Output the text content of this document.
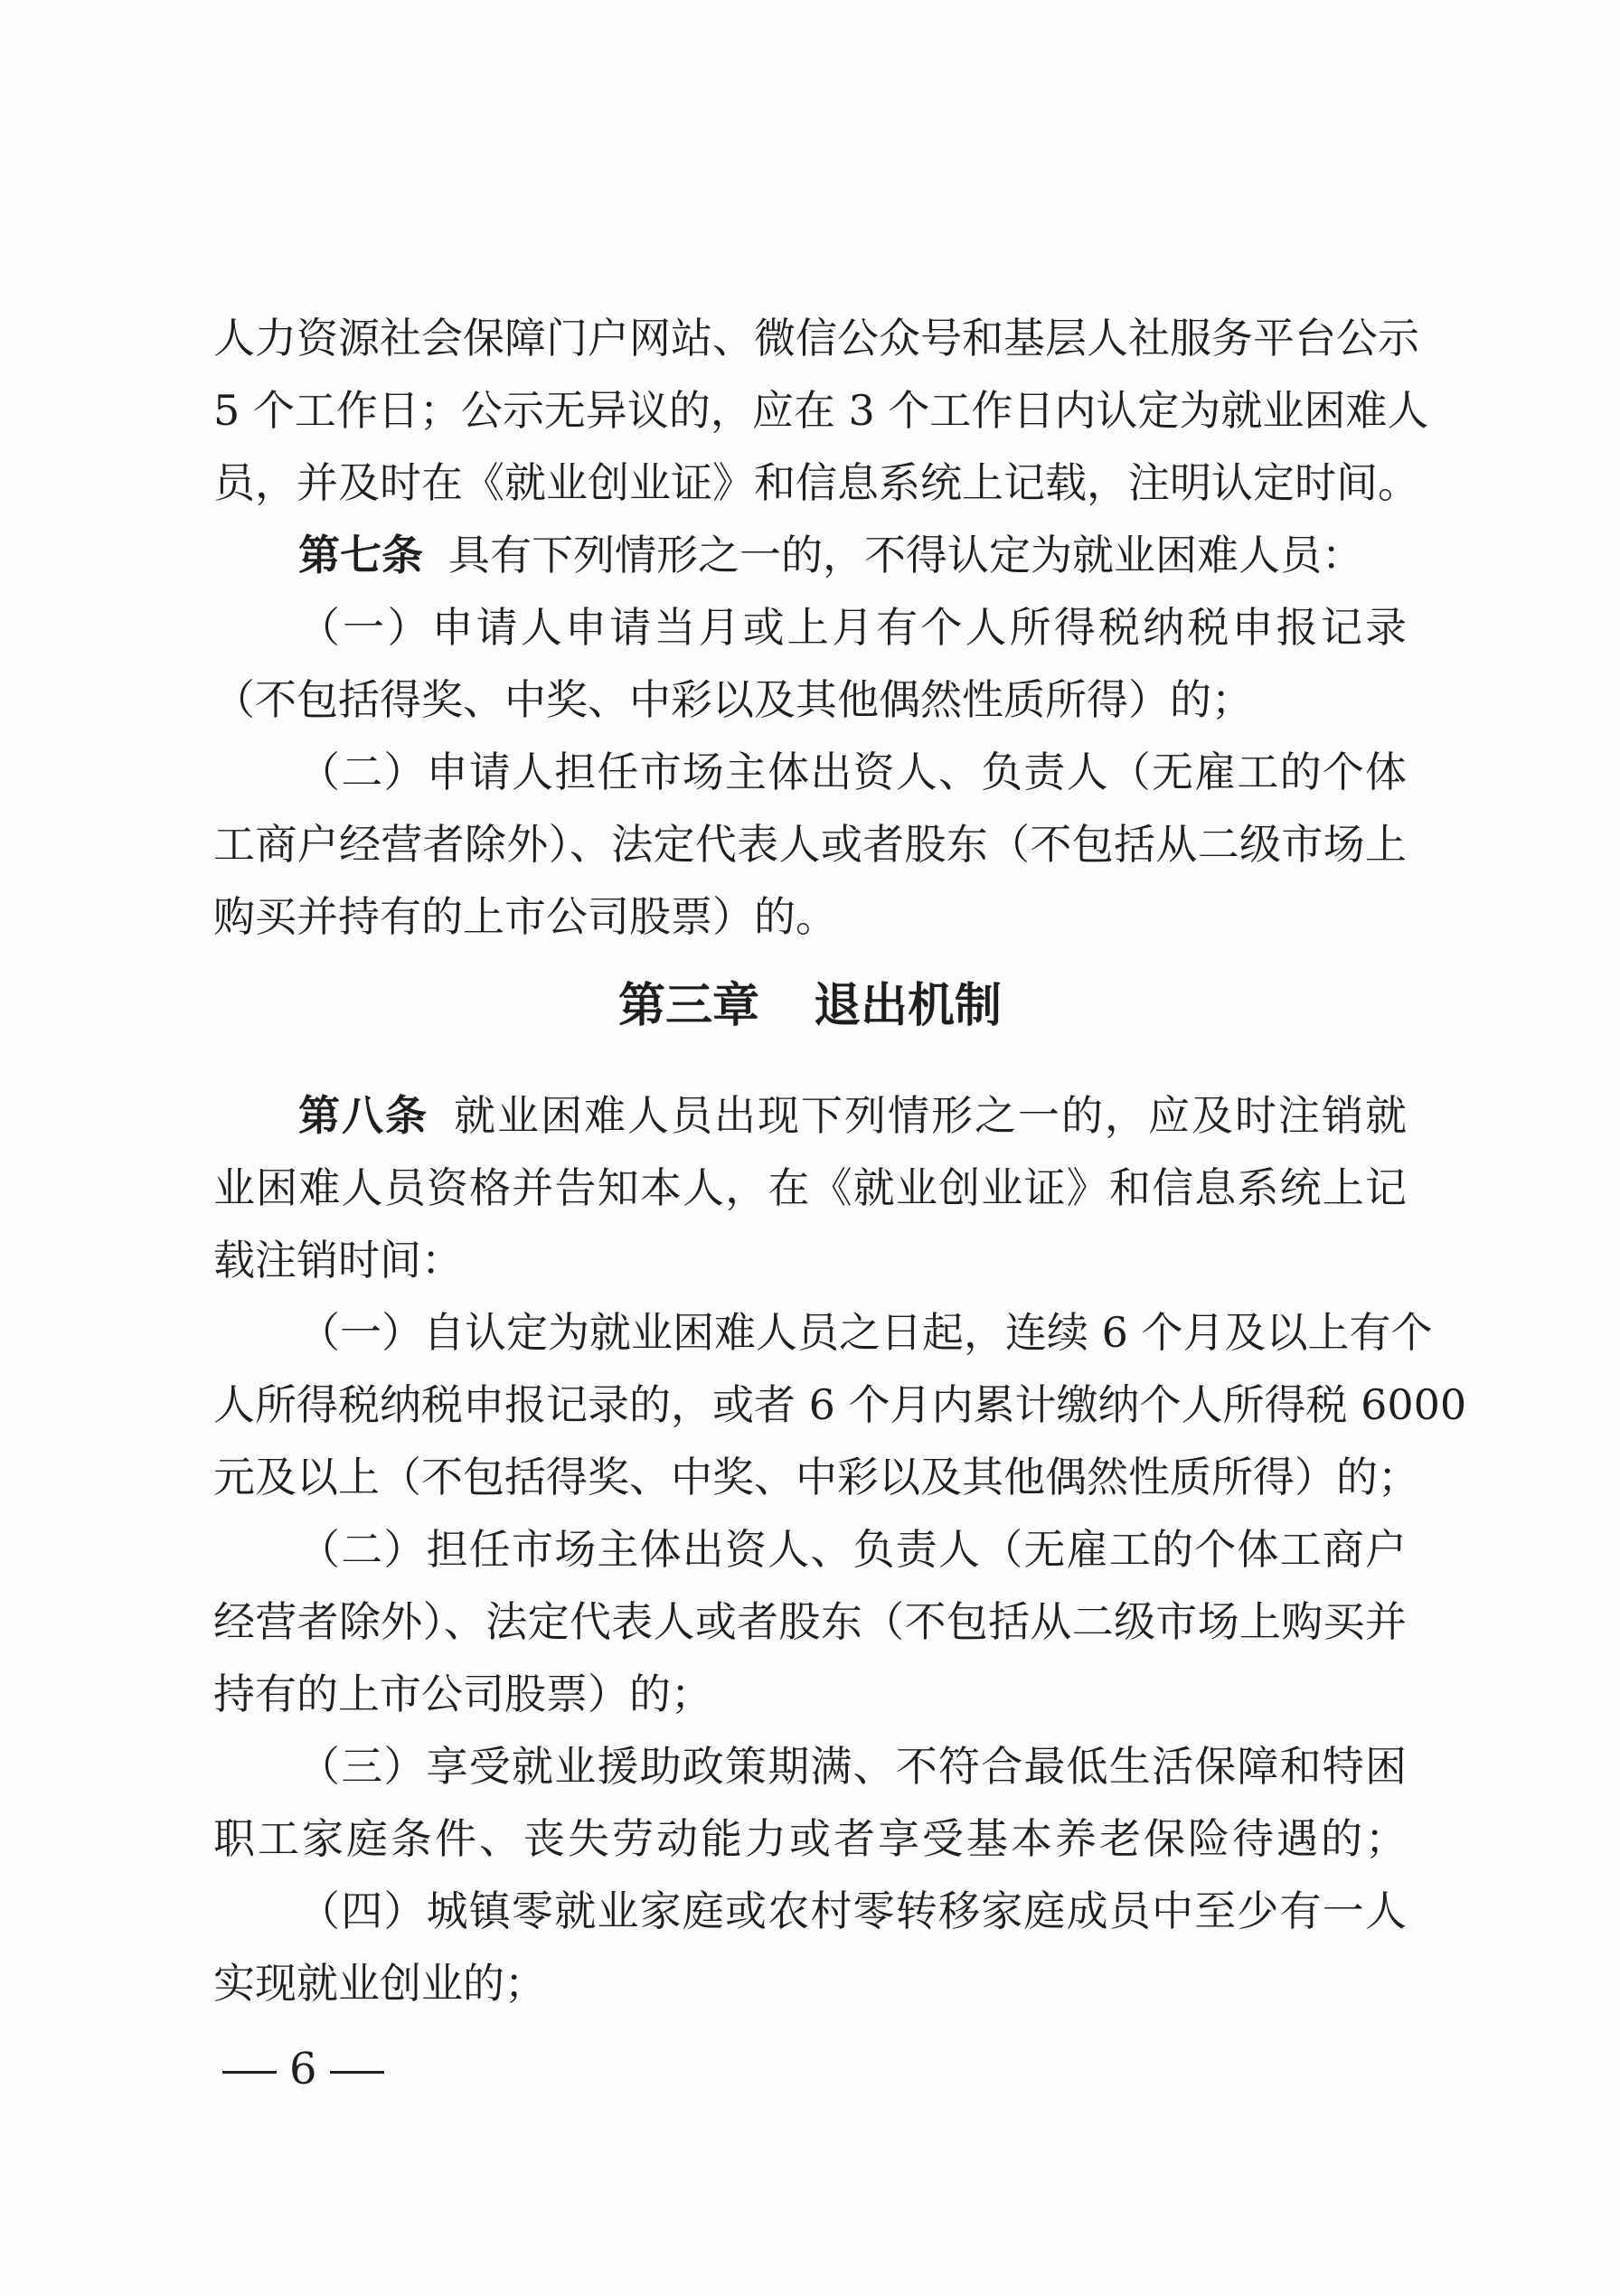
人力资源社会保障门户网站、微信公众号和基层人社服务平台公示
5 个工作日；公示无异议的，应在 3 个工作日内认定为就业困难人
员，并及时在《就业创业证》和信息系统上记载，注明认定时间。
第七条 具有下列情形之一的，不得认定为就业困难人员：
（一）申请人申请当月或上月有个人所得税纳税申报记录
（不包括得奖、中奖、中彩以及其他偶然性质所得）的；
（二）申请人担任市场主体出资人、负责人（无雇工的个体
工商户经营者除外）、法定代表人或者股东（不包括从二级市场上
购买并持有的上市公司股票）的。
第三章 退出机制
第八条 就业困难人员出现下列情形之一的，应及时注销就
业困难人员资格并告知本人，在《就业创业证》和信息系统上记
载注销时间：
（一）自认定为就业困难人员之日起，连续 6 个月及以上有个
人所得税纳税申报记录的，或者 6 个月内累计缴纳个人所得税 6000
元及以上（不包括得奖、中奖、中彩以及其他偶然性质所得）的；
（二）担任市场主体出资人、负责人（无雇工的个体工商户
经营者除外）、法定代表人或者股东（不包括从二级市场上购买并
持有的上市公司股票）的；
（三）享受就业援助政策期满、不符合最低生活保障和特困
职工家庭条件、丧失劳动能力或者享受基本养老保险待遇的；
（四）城镇零就业家庭或农村零转移家庭成员中至少有一人
实现就业创业的；
6
